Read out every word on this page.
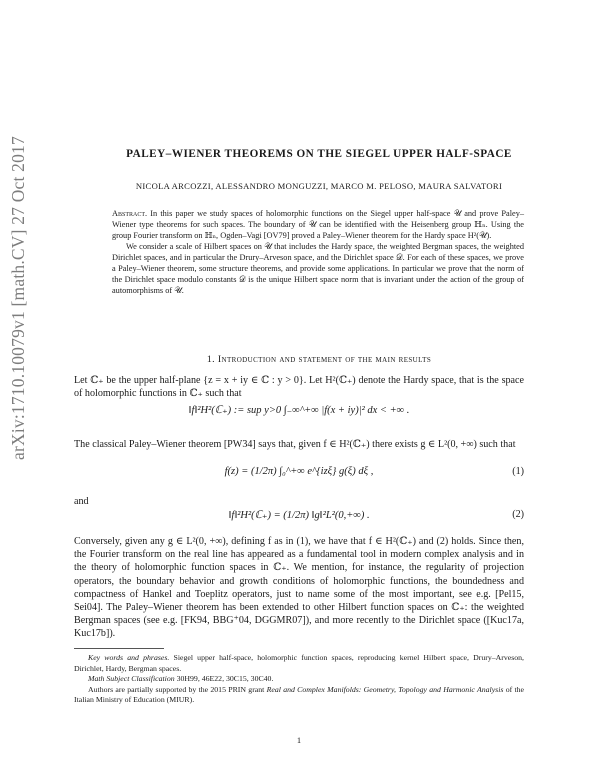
arXiv:1710.10079v1 [math.CV] 27 Oct 2017	PALEY–WIENER THEOREMS ON THE SIEGEL UPPER HALF-SPACE
NICOLA ARCOZZI, ALESSANDRO MONGUZZI, MARCO M. PELOSO, MAURA SALVATORI

Abstract. In this paper we study spaces of holomorphic functions on the Siegel upper half-space 𝒰 and prove Paley–Wiener type theorems for such spaces. The boundary of 𝒰 can be identified with the Heisenberg group ℍₙ. Using the group Fourier transform on ℍₙ, Ogden–Vagi [OV79] proved a Paley–Wiener theorem for the Hardy space H²(𝒰).

We consider a scale of Hilbert spaces on 𝒰 that includes the Hardy space, the weighted Bergman spaces, the weighted Dirichlet spaces, and in particular the Drury–Arveson space, and the Dirichlet space 𝒟. For each of these spaces, we prove a Paley–Wiener theorem, some structure theorems, and provide some applications. In particular we prove that the norm of the Dirichlet space modulo constants 𝒟 is the unique Hilbert space norm that is invariant under the action of the group of automorphisms of 𝒰.

1. Introduction and statement of the main results
Let ℂ₊ be the upper half-plane {z = x + iy ∈ ℂ : y > 0}. Let H²(ℂ₊) denote the Hardy space, that is the space of holomorphic functions in ℂ₊ such that
‖f‖²H²(ℂ₊) := sup y>0 ∫₋∞^+∞ |f(x + iy)|² dx < +∞ .
The classical Paley–Wiener theorem [PW34] says that, given f ∈ H²(ℂ₊) there exists g ∈ L²(0, +∞) such that
f(z) = (1/2π) ∫₀^+∞ e^{izξ} g(ξ) dξ ,	(1)
and
‖f‖²H²(ℂ₊) = (1/2π) ‖g‖²L²(0,+∞) .	(2)
Conversely, given any g ∈ L²(0, +∞), defining f as in (1), we have that f ∈ H²(ℂ₊) and (2) holds. Since then, the Fourier transform on the real line has appeared as a fundamental tool in modern complex analysis and in the theory of holomorphic function spaces in ℂ₊. We mention, for instance, the regularity of projection operators, the boundary behavior and growth conditions of holomorphic functions, the boundedness and compactness of Hankel and Toeplitz operators, just to name some of the most important, see e.g. [Pel15, Sei04]. The Paley–Wiener theorem has been extended to other Hilbert function spaces on ℂ₊: the weighted Bergman spaces (see e.g. [FK94, BBG⁺04, DGGMR07]), and more recently to the Dirichlet space ([Kuc17a, Kuc17b]).

Key words and phrases. Siegel upper half-space, holomorphic function spaces, reproducing kernel Hilbert space, Drury–Arveson, Dirichlet, Hardy, Bergman spaces.

Math Subject Classification 30H99, 46E22, 30C15, 30C40.

Authors are partially supported by the 2015 PRIN grant Real and Complex Manifolds: Geometry, Topology and Harmonic Analysis of the Italian Ministry of Education (MIUR).

1
